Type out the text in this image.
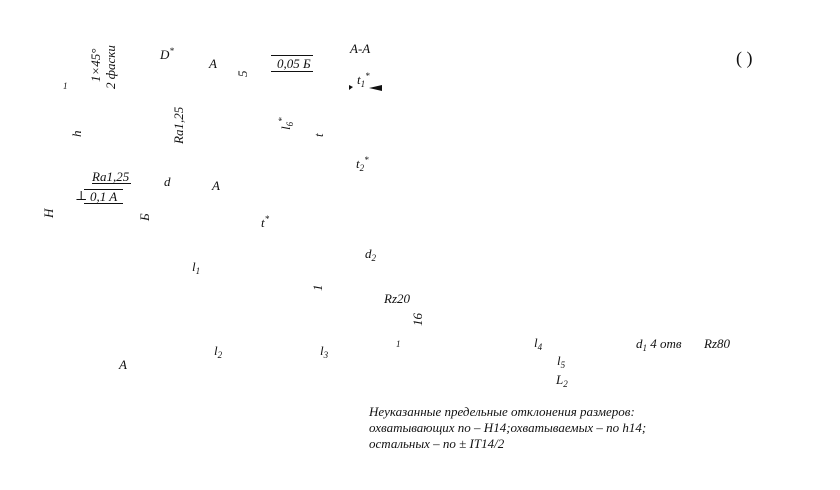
1×45° 2 фаски
1
D*
A
5
0,05 Б
A-A
$t_1^*$
( )
h	Ra1,25	$l_6^*$
t
$t_2^*$
Ra1,25
⊥ 0,1 A
d	A
H	Б	t*
$d_2$
$l_1$
1
Rz20
16
$l_2$	$l_3$
1	$l_4$	$d_1$ 4 отв Rz80
$l_5$
$L_2$
A
Неуказанные предельные отклонения размеров:
охватывающих по – H14;охватываемых – по h14;
остальных – по ± IT14/2
